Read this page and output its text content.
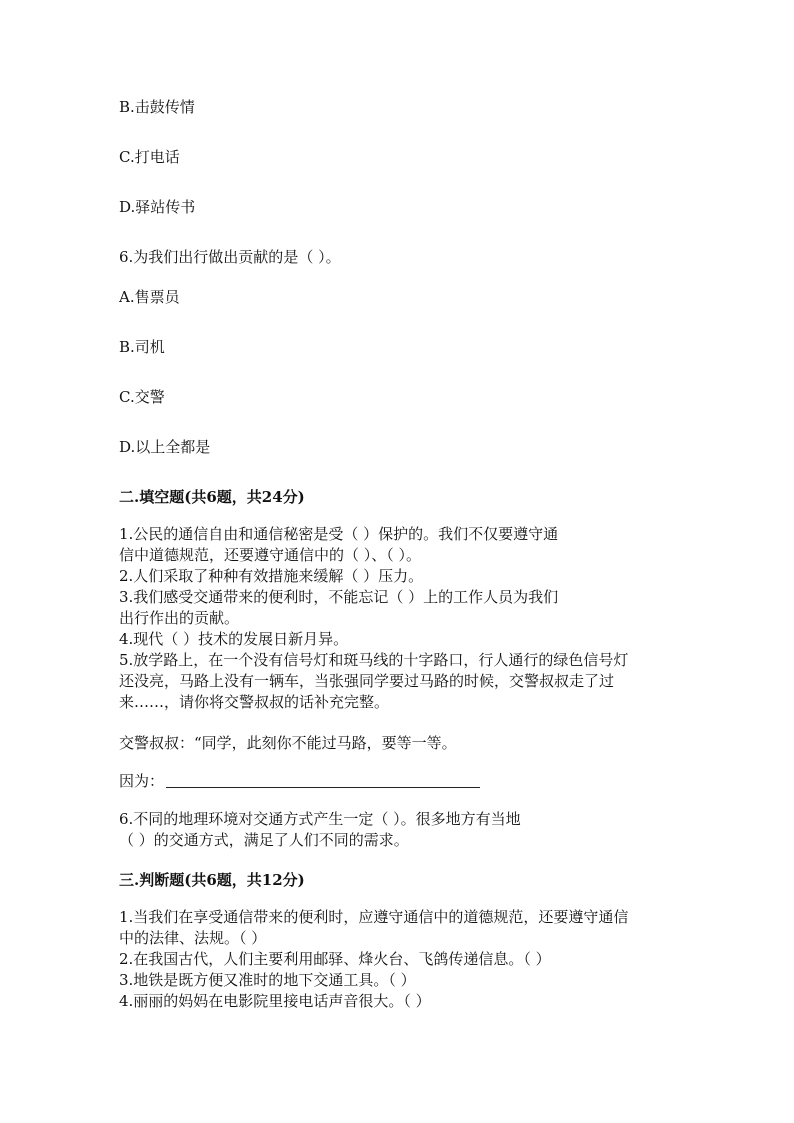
B.击鼓传情
C.打电话
D.驿站传书
6.为我们出行做出贡献的是（ ）。
A.售票员
B.司机
C.交警
D.以上全都是
二.填空题(共6题，共24分)
1.公民的通信自由和通信秘密是受（ ）保护的。我们不仅要遵守通
信中道德规范，还要遵守通信中的（ ）、（ ）。
2.人们采取了种种有效措施来缓解（ ）压力。
3.我们感受交通带来的便利时，不能忘记（ ）上的工作人员为我们
出行作出的贡献。
4.现代（ ）技术的发展日新月异。
5.放学路上，在一个没有信号灯和斑马线的十字路口，行人通行的绿色信号灯
还没亮，马路上没有一辆车，当张强同学要过马路的时候，交警叔叔走了过
来……，请你将交警叔叔的话补充完整。
交警叔叔：“同学，此刻你不能过马路，要等一等。
因为：
6.不同的地理环境对交通方式产生一定（ ）。很多地方有当地
（ ）的交通方式，满足了人们不同的需求。
三.判断题(共6题，共12分)
1.当我们在享受通信带来的便利时，应遵守通信中的道德规范，还要遵守通信
中的法律、法规。（ ）
2.在我国古代，人们主要利用邮驿、烽火台、飞鸽传递信息。（ ）
3.地铁是既方便又准时的地下交通工具。（ ）
4.丽丽的妈妈在电影院里接电话声音很大。（ ）
